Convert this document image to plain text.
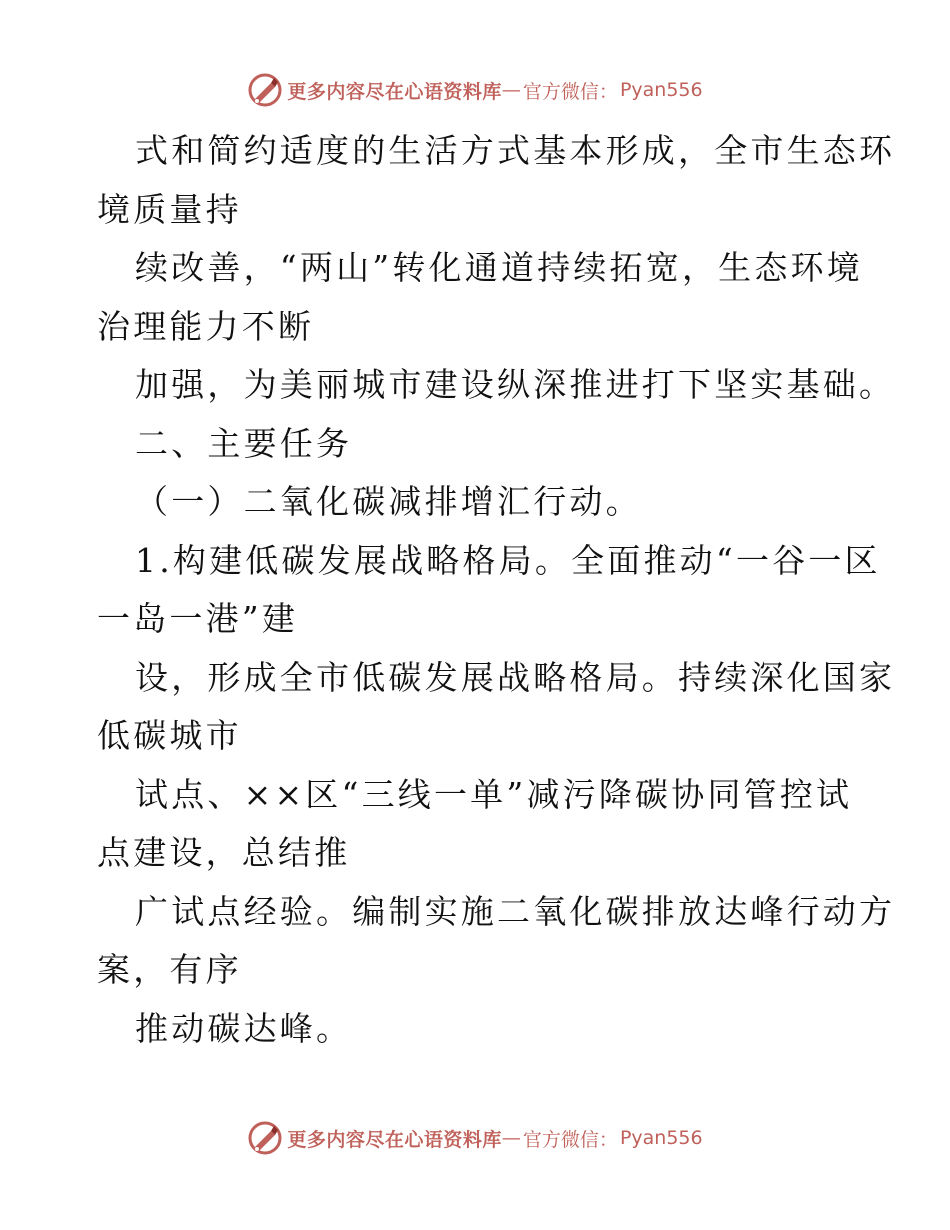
更多内容尽在心语资料库 — 官方微信： Pyan556
式和简约适度的生活方式基本形成，全市生态环
境质量持
续改善，“两山”转化通道持续拓宽，生态环境
治理能力不断
加强，为美丽城市建设纵深推进打下坚实基础。
二、主要任务
（一）二氧化碳减排增汇行动。
1.构建低碳发展战略格局。全面推动“一谷一区
一岛一港”建
设，形成全市低碳发展战略格局。持续深化国家
低碳城市
试点、××区“三线一单”减污降碳协同管控试
点建设，总结推
广试点经验。编制实施二氧化碳排放达峰行动方
案，有序
推动碳达峰。
更多内容尽在心语资料库 — 官方微信： Pyan556
